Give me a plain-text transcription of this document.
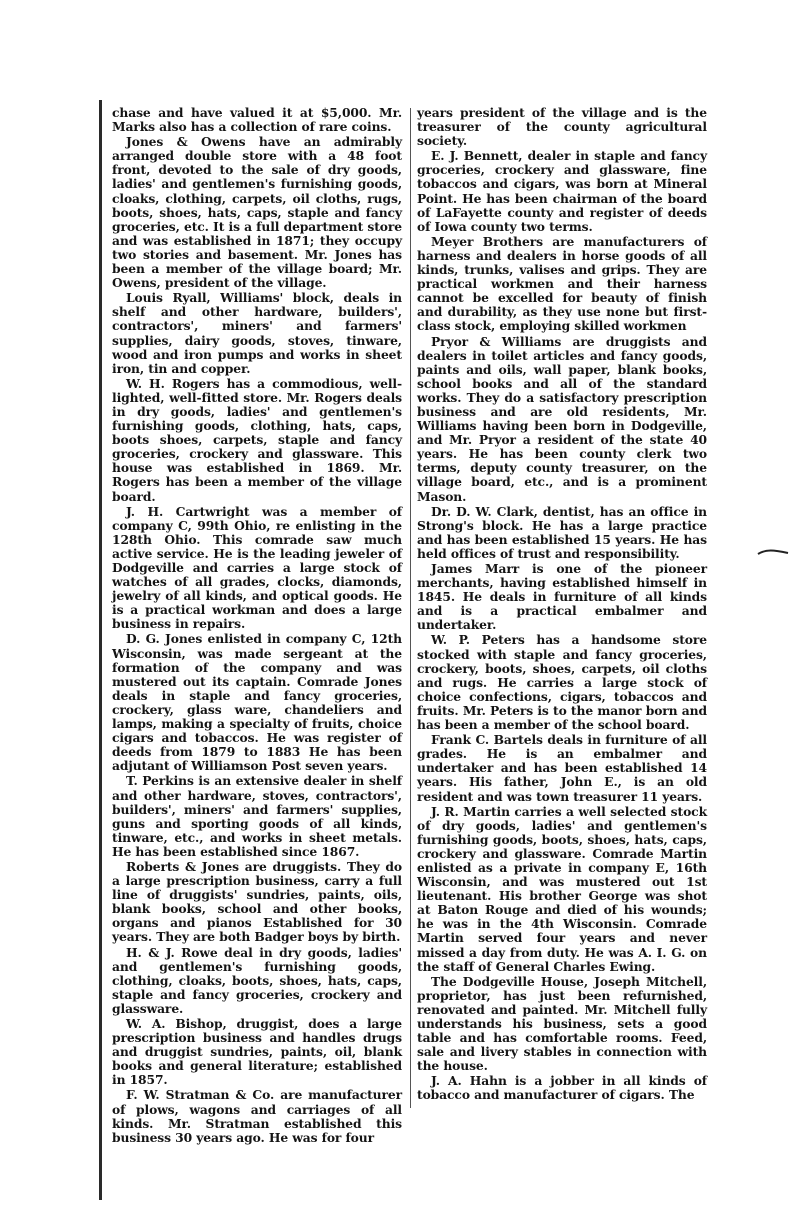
chase and have valued it at $5,000. Mr. Marks also has a collection of rare coins.

Jones & Owens have an admirably arranged double store with a 48 foot front, devoted to the sale of dry goods, ladies' and gentlemen's furnishing goods, cloaks, clothing, carpets, oil cloths, rugs, boots, shoes, hats, caps, staple and fancy groceries, etc. It is a full department store and was established in 1871; they occupy two stories and basement. Mr. Jones has been a member of the village board; Mr. Owens, president of the village.

Louis Ryall, Williams' block, deals in shelf and other hardware, builders', contractors', miners' and farmers' supplies, dairy goods, stoves, tinware, wood and iron pumps and works in sheet iron, tin and copper.

W. H. Rogers has a commodious, well-lighted, well-fitted store. Mr. Rogers deals in dry goods, ladies' and gentlemen's furnishing goods, clothing, hats, caps, boots shoes, carpets, staple and fancy groceries, crockery and glassware. This house was established in 1869. Mr. Rogers has been a member of the village board.

J. H. Cartwright was a member of company C, 99th Ohio, re enlisting in the 128th Ohio. This comrade saw much active service. He is the leading jeweler of Dodgeville and carries a large stock of watches of all grades, clocks, diamonds, jewelry of all kinds, and optical goods. He is a practical workman and does a large business in repairs.

D. G. Jones enlisted in company C, 12th Wisconsin, was made sergeant at the formation of the company and was mustered out its captain. Comrade Jones deals in staple and fancy groceries, crockery, glass ware, chandeliers and lamps, making a specialty of fruits, choice cigars and tobaccos. He was register of deeds from 1879 to 1883 He has been adjutant of Williamson Post seven years.

T. Perkins is an extensive dealer in shelf and other hardware, stoves, contractors', builders', miners' and farmers' supplies, guns and sporting goods of all kinds, tinware, etc., and works in sheet metals. He has been established since 1867.

Roberts & Jones are druggists. They do a large prescription business, carry a full line of druggists' sundries, paints, oils, blank books, school and other books, organs and pianos Established for 30 years. They are both Badger boys by birth.

H. & J. Rowe deal in dry goods, ladies' and gentlemen's furnishing goods, clothing, cloaks, boots, shoes, hats, caps, staple and fancy groceries, crockery and glassware.

W. A. Bishop, druggist, does a large prescription business and handles drugs and druggist sundries, paints, oil, blank books and general literature; established in 1857.

F. W. Stratman & Co. are manufacturer of plows, wagons and carriages of all kinds. Mr. Stratman established this business 30 years ago. He was for four

years president of the village and is the treasurer of the county agricultural society.

E. J. Bennett, dealer in staple and fancy groceries, crockery and glassware, fine tobaccos and cigars, was born at Mineral Point. He has been chairman of the board of LaFayette county and register of deeds of Iowa county two terms.

Meyer Brothers are manufacturers of harness and dealers in horse goods of all kinds, trunks, valises and grips. They are practical workmen and their harness cannot be excelled for beauty of finish and durability, as they use none but first-class stock, employing skilled workmen

Pryor & Williams are druggists and dealers in toilet articles and fancy goods, paints and oils, wall paper, blank books, school books and all of the standard works. They do a satisfactory prescription business and are old residents, Mr. Williams having been born in Dodgeville, and Mr. Pryor a resident of the state 40 years. He has been county clerk two terms, deputy county treasurer, on the village board, etc., and is a prominent Mason.

Dr. D. W. Clark, dentist, has an office in Strong's block. He has a large practice and has been established 15 years. He has held offices of trust and responsibility.

James Marr is one of the pioneer merchants, having established himself in 1845. He deals in furniture of all kinds and is a practical embalmer and undertaker.

W. P. Peters has a handsome store stocked with staple and fancy groceries, crockery, boots, shoes, carpets, oil cloths and rugs. He carries a large stock of choice confections, cigars, tobaccos and fruits. Mr. Peters is to the manor born and has been a member of the school board.

Frank C. Bartels deals in furniture of all grades. He is an embalmer and undertaker and has been established 14 years. His father, John E., is an old resident and was town treasurer 11 years.

J. R. Martin carries a well selected stock of dry goods, ladies' and gentlemen's furnishing goods, boots, shoes, hats, caps, crockery and glassware. Comrade Martin enlisted as a private in company E, 16th Wisconsin, and was mustered out 1st lieutenant. His brother George was shot at Baton Rouge and died of his wounds; he was in the 4th Wisconsin. Comrade Martin served four years and never missed a day from duty. He was A. I. G. on the staff of General Charles Ewing.

The Dodgeville House, Joseph Mitchell, proprietor, has just been refurnished, renovated and painted. Mr. Mitchell fully understands his business, sets a good table and has comfortable rooms. Feed, sale and livery stables in connection with the house.

J. A. Hahn is a jobber in all kinds of tobacco and manufacturer of cigars. The
